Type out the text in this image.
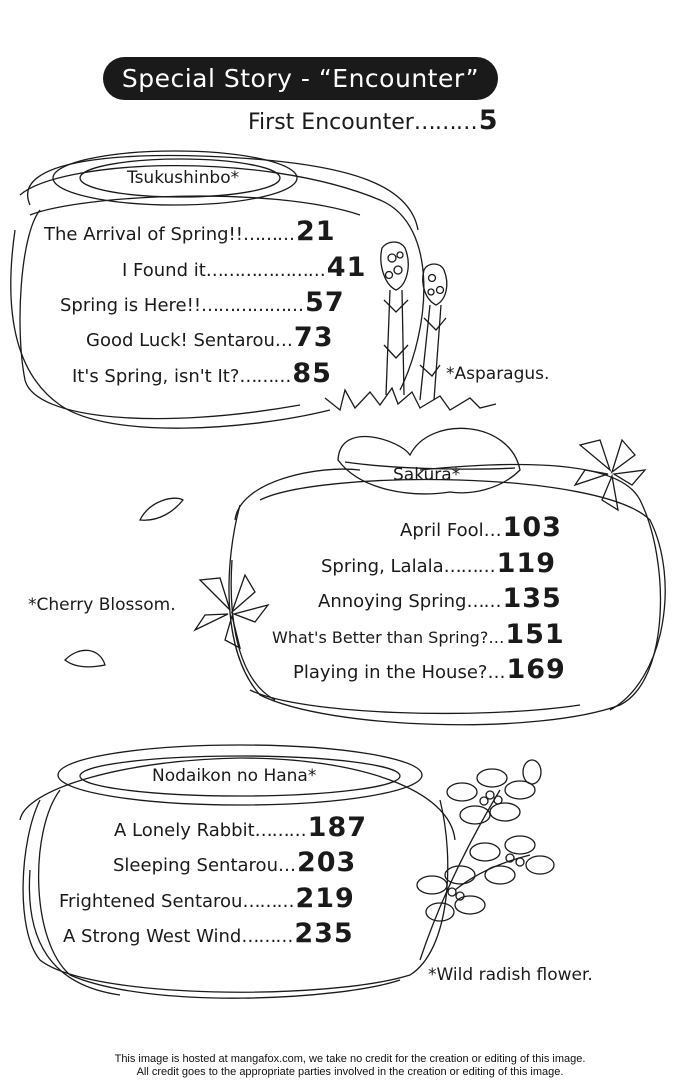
Special Story - “Encounter”
First Encounter………5
Tsukushinbo*
The Arrival of Spring!!………21
I Found it…………………41
Spring is Here!!………………57
Good Luck! Sentarou…73
It's Spring, isn't It?………85	*Asparagus.
Sakura*
April Fool…103
Spring, Lalala………119
Annoying Spring……135
What's Better than Spring?…151
Playing in the House?…169
*Cherry Blossom.
Nodaikon no Hana*
A Lonely Rabbit………187
Sleeping Sentarou…203
Frightened Sentarou………219
A Strong West Wind………235
*Wild radish flower.
This image is hosted at mangafox.com, we take no credit for the creation or editing of this image.
All credit goes to the appropriate parties involved in the creation or editing of this image.
